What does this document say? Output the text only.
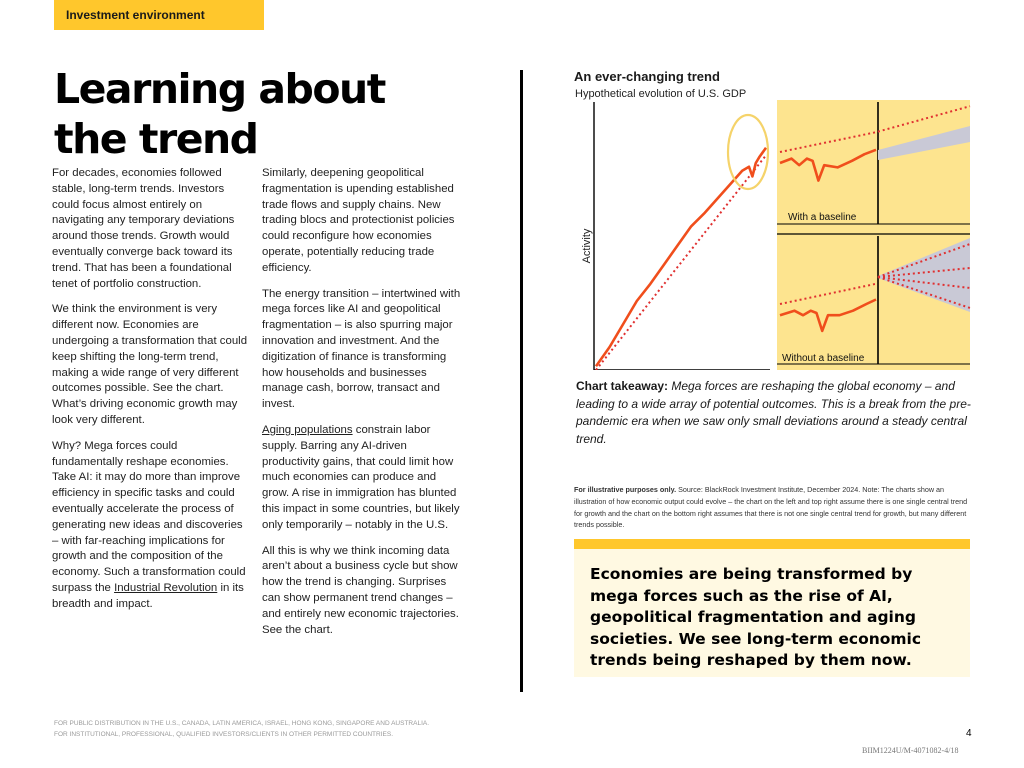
Investment environment
Learning about
the trend

For decades, economies followed stable, long-term trends. Investors could focus almost entirely on navigating any temporary deviations around those trends. Growth would eventually converge back toward its trend. That has been a foundational tenet of portfolio construction.

We think the environment is very different now. Economies are undergoing a transformation that could keep shifting the long-term trend, making a wide range of very different outcomes possible. See the chart. What’s driving economic growth may look very different.

Why? Mega forces could fundamentally reshape economies. Take AI: it may do more than improve efficiency in specific tasks and could eventually accelerate the process of generating new ideas and discoveries – with far-reaching implications for growth and the composition of the economy. Such a transformation could surpass the Industrial Revolution in its breadth and impact.

Similarly, deepening geopolitical fragmentation is upending established trade flows and supply chains. New trading blocs and protectionist policies could reconfigure how economies operate, potentially reducing trade efficiency.

The energy transition – intertwined with mega forces like AI and geopolitical fragmentation – is also spurring major innovation and investment. And the digitization of finance is transforming how households and businesses manage cash, borrow, transact and invest.

Aging populations constrain labor supply. Barring any AI-driven productivity gains, that could limit how much economies can produce and grow. A rise in immigration has blunted this impact in some countries, but likely only temporarily – notably in the U.S.

All this is why we think incoming data aren’t about a business cycle but show how the trend is changing. Surprises can show permanent trend changes – and entirely new economic trajectories. See the chart.

An ever-changing trend
Hypothetical evolution of U.S. GDP
Activity
With a baseline
Without a baseline

Chart takeaway: Mega forces are reshaping the global economy – and leading to a wide array of potential outcomes. This is a break from the pre-pandemic era when we saw only small deviations around a steady central trend.

For illustrative purposes only. Source: BlackRock Investment Institute, December 2024. Note: The charts show an illustration of how economic output could evolve – the chart on the left and top right assume there is one single central trend for growth and the chart on the bottom right assumes that there is not one single central trend for growth, but many different trends possible.

Economies are being transformed by mega forces such as the rise of AI, geopolitical fragmentation and aging societies. We see long-term economic trends being reshaped by them now.

FOR PUBLIC DISTRIBUTION IN THE U.S., CANADA, LATIN AMERICA, ISRAEL, HONG KONG, SINGAPORE AND AUSTRALIA.
FOR INSTITUTIONAL, PROFESSIONAL, QUALIFIED INVESTORS/CLIENTS IN OTHER PERMITTED COUNTRIES.	4
BIIM1224U/M-4071082-4/18
